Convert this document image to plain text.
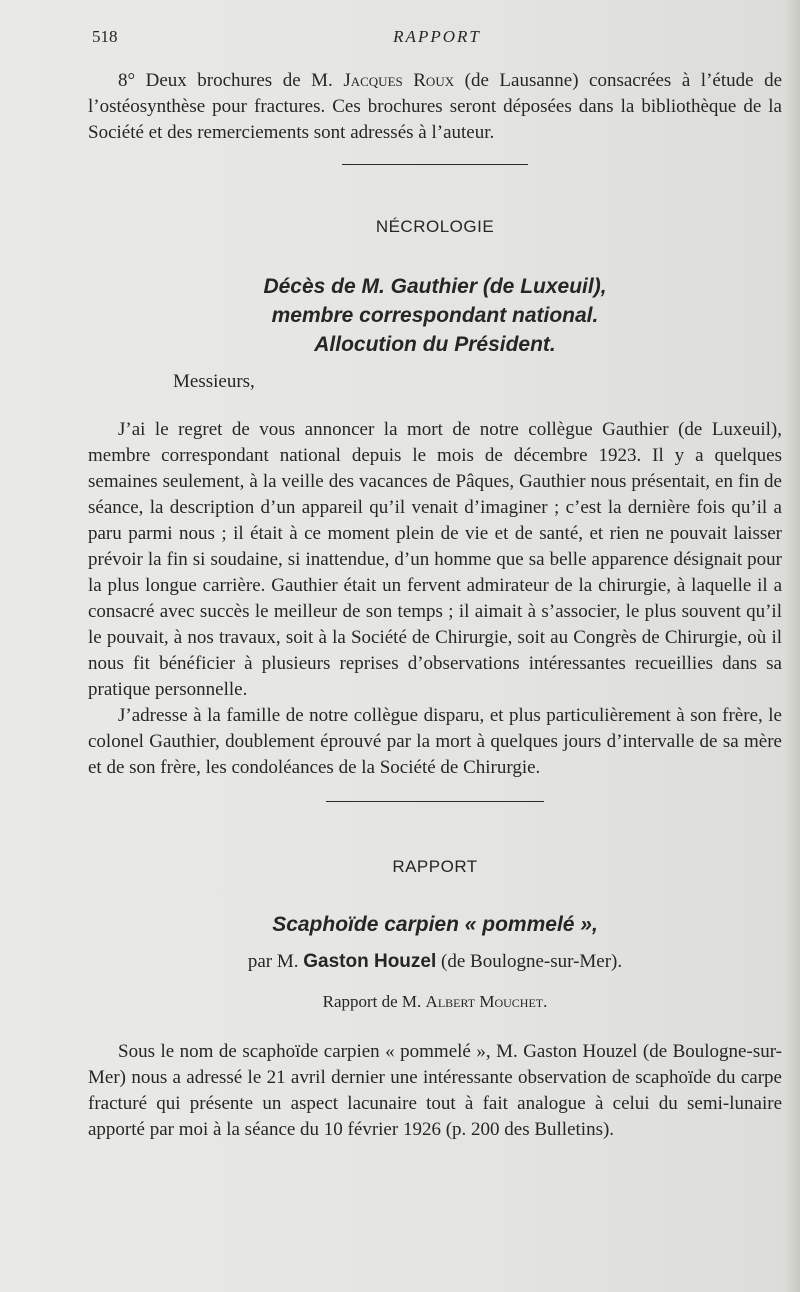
518	RAPPORT

8° Deux brochures de M. Jacques Roux (de Lausanne) consacrées à l’étude de l’ostéosynthèse pour fractures. Ces brochures seront déposées dans la bibliothèque de la Société et des remerciements sont adressés à l’auteur.

NÉCROLOGIE
Décès de M. Gauthier (de Luxeuil),
membre correspondant national.
Allocution du Président.

Messieurs,

J’ai le regret de vous annoncer la mort de notre collègue Gauthier (de Luxeuil), membre correspondant national depuis le mois de décembre 1923. Il y a quelques semaines seulement, à la veille des vacances de Pâques, Gauthier nous présentait, en fin de séance, la description d’un appareil qu’il venait d’imaginer ; c’est la dernière fois qu’il a paru parmi nous ; il était à ce moment plein de vie et de santé, et rien ne pouvait laisser prévoir la fin si soudaine, si inattendue, d’un homme que sa belle apparence désignait pour la plus longue carrière. Gauthier était un fervent admirateur de la chirurgie, à laquelle il a consacré avec succès le meilleur de son temps ; il aimait à s’associer, le plus souvent qu’il le pouvait, à nos travaux, soit à la Société de Chirurgie, soit au Congrès de Chirurgie, où il nous fit bénéficier à plusieurs reprises d’observations intéressantes recueillies dans sa pratique personnelle.

J’adresse à la famille de notre collègue disparu, et plus particulièrement à son frère, le colonel Gauthier, doublement éprouvé par la mort à quelques jours d’intervalle de sa mère et de son frère, les condoléances de la Société de Chirurgie.

RAPPORT
Scaphoïde carpien « pommelé »,

par M. Gaston Houzel (de Boulogne-sur-Mer).

Rapport de M. Albert Mouchet.

Sous le nom de scaphoïde carpien « pommelé », M. Gaston Houzel (de Boulogne-sur-Mer) nous a adressé le 21 avril dernier une intéressante observation de scaphoïde du carpe fracturé qui présente un aspect lacunaire tout à fait analogue à celui du semi-lunaire apporté par moi à la séance du 10 février 1926 (p. 200 des Bulletins).
